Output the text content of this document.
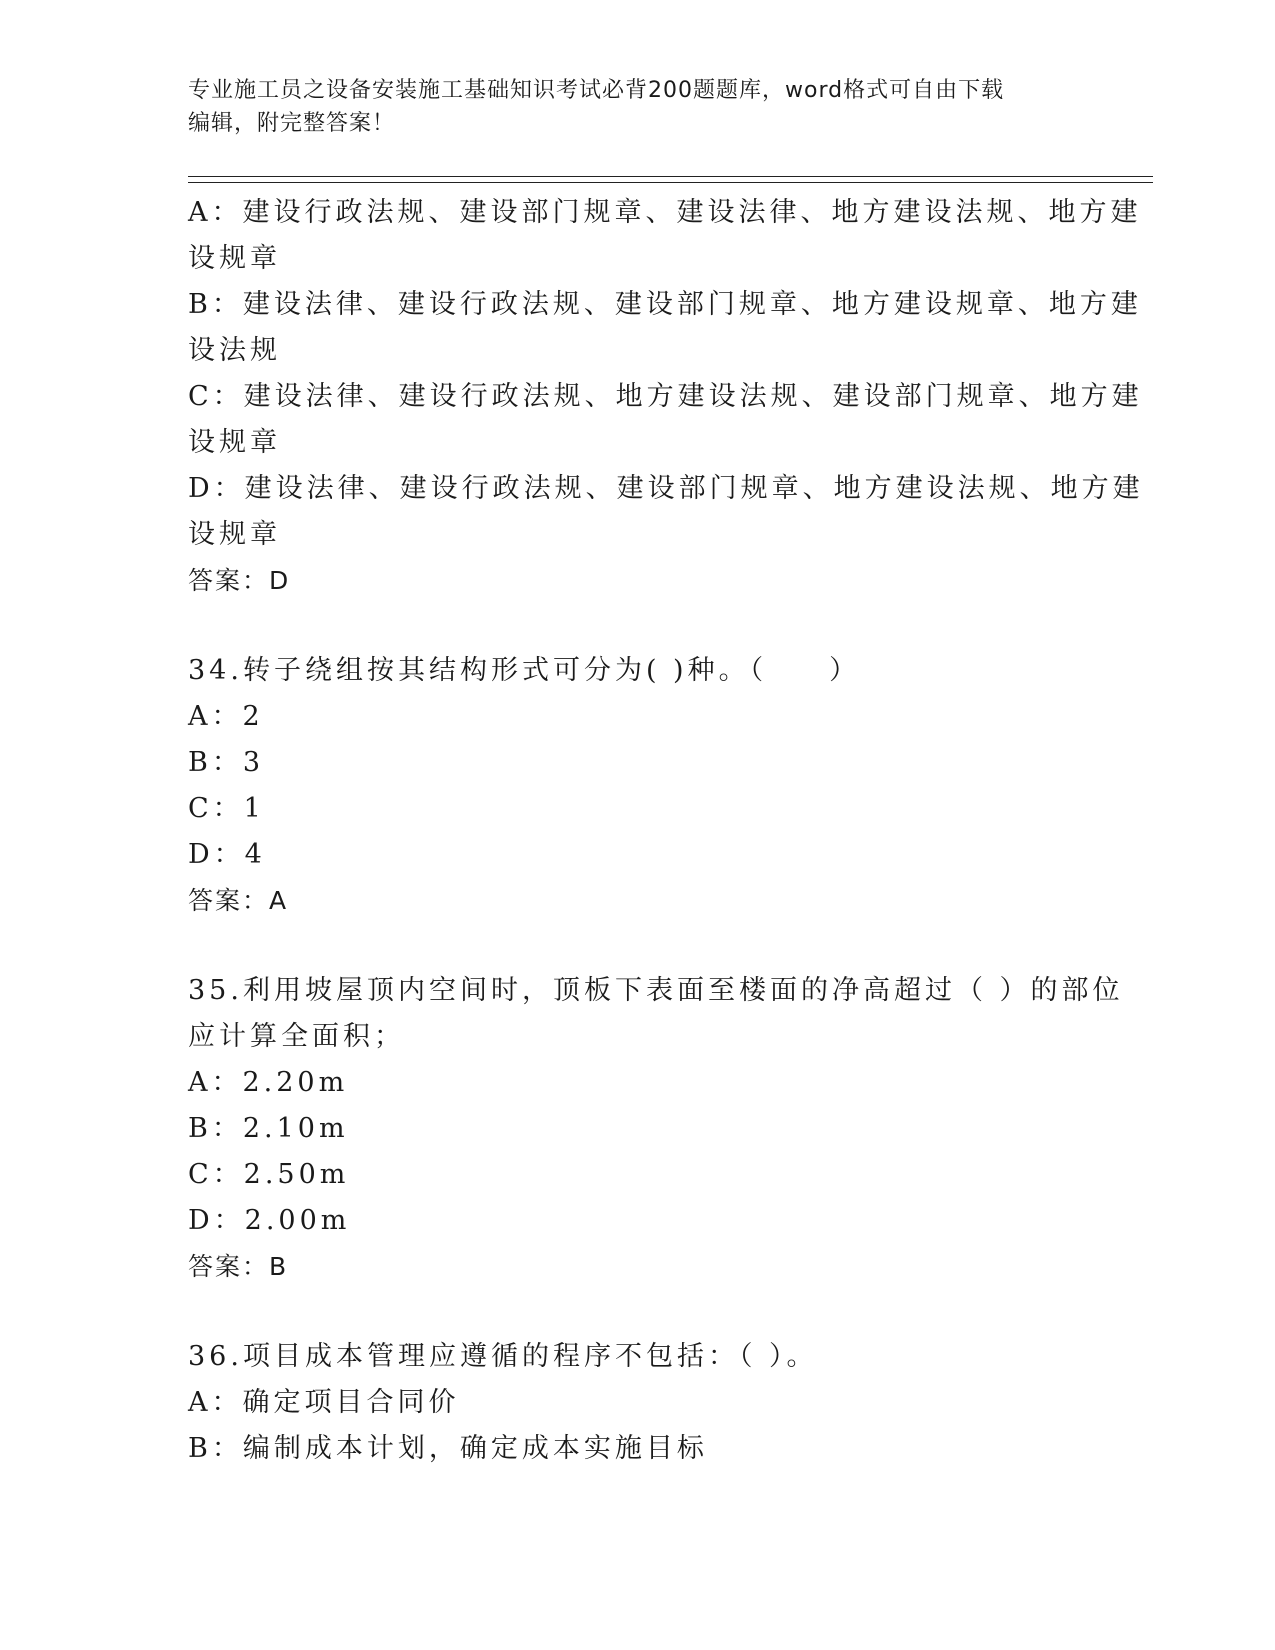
专业施工员之设备安装施工基础知识考试必背200题题库，word格式可自由下载
编辑，附完整答案！
A：建设行政法规、建设部门规章、建设法律、地方建设法规、地方建
设规章
B：建设法律、建设行政法规、建设部门规章、地方建设规章、地方建
设法规
C：建设法律、建设行政法规、地方建设法规、建设部门规章、地方建
设规章
D：建设法律、建设行政法规、建设部门规章、地方建设法规、地方建
设规章
答案：D
34.转子绕组按其结构形式可分为( )种。（　　）
A：2
B：3
C：1
D：4
答案：A
35.利用坡屋顶内空间时，顶板下表面至楼面的净高超过（ ）的部位
应计算全面积；
A：2.20m
B：2.10m
C：2.50m
D：2.00m
答案：B
36.项目成本管理应遵循的程序不包括：（ ）。
A：确定项目合同价
B：编制成本计划，确定成本实施目标
